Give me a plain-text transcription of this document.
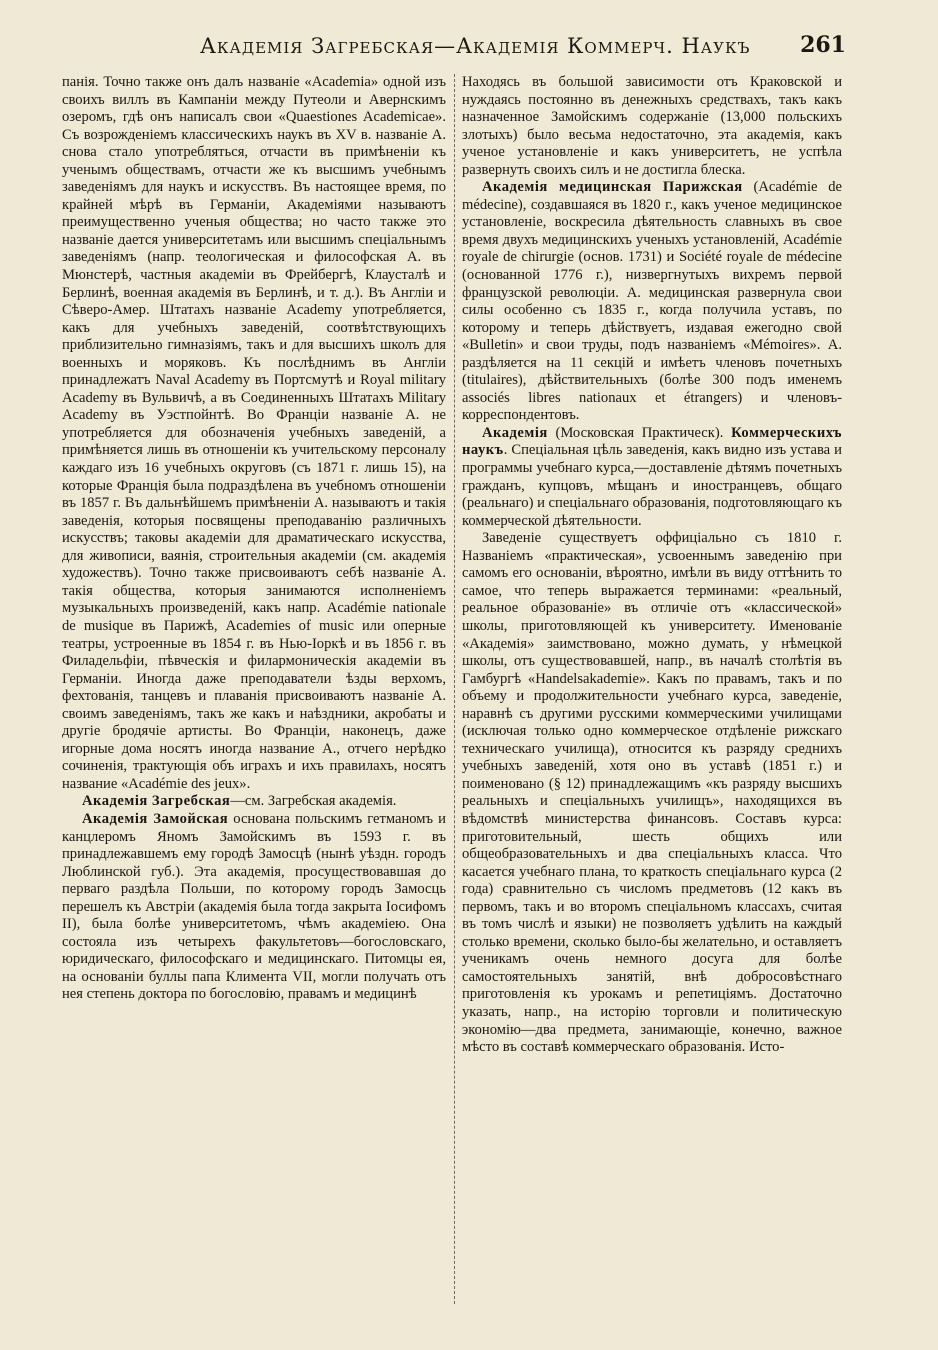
Академія Загребская—Академія Коммерч. Наукъ 261

панія. Точно также онъ далъ названіе «Academia» одной изъ своихъ виллъ въ Кампаніи между Путеоли и Авернскимъ озеромъ, гдѣ онъ написалъ свои «Quaestiones Academicae». Съ возрожденіемъ классическихъ наукъ въ XV в. названіе А. снова стало употребляться, отчасти въ примѣненіи къ ученымъ обществамъ, отчасти же къ высшимъ учебнымъ заведеніямъ для наукъ и искусствъ. Въ настоящее время, по крайней мѣрѣ въ Германіи, Академіями называютъ преимущественно ученыя общества; но часто также это названіе дается университетамъ или высшимъ спеціальнымъ заведеніямъ (напр. теологическая и философская А. въ Мюнстерѣ, частныя академіи въ Фрейбергѣ, Клаусталѣ и Берлинѣ, военная академія въ Берлинѣ, и т. д.). Въ Англіи и Сѣверо-Амер. Штатахъ названіе Academy употребляется, какъ для учебныхъ заведеній, соотвѣтствующихъ приблизительно гимназіямъ, такъ и для высшихъ школъ для военныхъ и моряковъ. Къ послѣднимъ въ Англіи принадлежатъ Naval Academy въ Портсмутѣ и Royal military Academy въ Вульвичѣ, а въ Соединенныхъ Штатахъ Military Academy въ Уэстпойнтѣ. Во Франціи названіе А. не употребляется для обозначенія учебныхъ заведеній, а примѣняется лишь въ отношеніи къ учительскому персоналу каждаго изъ 16 учебныхъ округовъ (съ 1871 г. лишь 15), на которые Франція была подраздѣлена въ учебномъ отношеніи въ 1857 г. Въ дальнѣйшемъ примѣненіи А. называютъ и такія заведенія, которыя посвящены преподаванію различныхъ искусствъ; таковы академіи для драматическаго искусства, для живописи, ваянія, строительныя академіи (см. академія художествъ). Точно также присвоиваютъ себѣ названіе А. такія общества, которыя занимаются исполненіемъ музыкальныхъ произведеній, какъ напр. Académie nationale de musique въ Парижѣ, Academies of music или оперные театры, устроенные въ 1854 г. въ Нью-Іоркѣ и въ 1856 г. въ Филадельфіи, пѣвческія и филармоническія академіи въ Германіи. Иногда даже преподаватели ѣзды верхомъ, фехтованія, танцевъ и плаванія присвоиваютъ названіе А. своимъ заведеніямъ, такъ же какъ и наѣздники, акробаты и другіе бродячіе артисты. Во Франціи, наконецъ, даже игорные дома носятъ иногда название А., отчего нерѣдко сочиненія, трактующія объ играхъ и ихъ правилахъ, носятъ название «Académie des jeux».

Академія Загребская—см. Загребская академія.

Академія Замойская основана польскимъ гетманомъ и канцлеромъ Яномъ Замойскимъ въ 1593 г. въ принадлежавшемъ ему городѣ Замосцѣ (нынѣ уѣздн. городъ Люблинской губ.). Эта академія, просуществовавшая до перваго раздѣла Польши, по которому городъ Замосць перешелъ къ Австріи (академія была тогда закрыта Іосифомъ II), была болѣе университетомъ, чѣмъ академіею. Она состояла изъ четырехъ факультетовъ—богословскаго, юридическаго, философскаго и медицинскаго. Питомцы ея, на основаніи буллы папа Климента VII, могли получать отъ нея степень доктора по богословію, правамъ и медицинѣ

Находясь въ большой зависимости отъ Краковской и нуждаясь постоянно въ денежныхъ средствахъ, такъ какъ назначенное Замойскимъ содержаніе (13,000 польскихъ злотыхъ) было весьма недостаточно, эта академія, какъ ученое установленіе и какъ университетъ, не успѣла развернуть своихъ силъ и не достигла блеска.

Академія медицинская Парижская (Académie de médecine), создавшаяся въ 1820 г., какъ ученое медицинское установленіе, воскресила дѣятельность славныхъ въ свое время двухъ медицинскихъ ученыхъ установленій, Académie royale de chirurgie (основ. 1731) и Société royale de médecine (основанной 1776 г.), низвергнутыхъ вихремъ первой французской революціи. А. медицинская развернула свои силы особенно съ 1835 г., когда получила уставъ, по которому и теперь дѣйствуетъ, издавая ежегодно свой «Bulletin» и свои труды, подъ названіемъ «Mémoires». А. раздѣляется на 11 секцій и имѣетъ членовъ почетныхъ (titulaires), дѣйствительныхъ (болѣе 300 подъ именемъ associés libres nationaux et étrangers) и членовъ-корреспондентовъ.

Академія (Московская Практическ). Коммерческихъ наукъ. Спеціальная цѣль заведенія, какъ видно изъ устава и программы учебнаго курса,—доставленіе дѣтямъ почетныхъ гражданъ, купцовъ, мѣщанъ и иностранцевъ, общаго (реальнаго) и спеціальнаго образованія, подготовляющаго къ коммерческой дѣятельности.

Заведеніе существуетъ оффиціально съ 1810 г. Названіемъ «практическая», усвоеннымъ заведенію при самомъ его основаніи, вѣроятно, имѣли въ виду оттѣнить то самое, что теперь выражается терминами: «реальный, реальное образованіе» въ отличіе отъ «классической» школы, приготовляющей къ университету. Именованіе «Академія» заимствовано, можно думать, у нѣмецкой школы, отъ существовавшей, напр., въ началѣ столѣтія въ Гамбургѣ «Handelsakademie». Какъ по правамъ, такъ и по объему и продолжительности учебнаго курса, заведеніе, наравнѣ съ другими русскими коммерческими училищами (исключая только одно коммерческое отдѣленіе рижскаго техническаго училища), относится къ разряду среднихъ учебныхъ заведеній, хотя оно въ уставѣ (1851 г.) и поименовано (§ 12) принадлежащимъ «къ разряду высшихъ реальныхъ и спеціальныхъ училищъ», находящихся въ вѣдомствѣ министерства финансовъ. Составъ курса: приготовительный, шесть общихъ или общеобразовательныхъ и два спеціальныхъ класса. Что касается учебнаго плана, то краткость спеціальнаго курса (2 года) сравнительно съ числомъ предметовъ (12 какъ въ первомъ, такъ и во второмъ спеціальномъ классахъ, считая въ томъ числѣ и языки) не позволяетъ удѣлить на каждый столько времени, сколько было-бы желательно, и оставляетъ ученикамъ очень немного досуга для болѣе самостоятельныхъ занятій, внѣ добросовѣстнаго приготовленія къ урокамъ и репетиціямъ. Достаточно указать, напр., на исторію торговли и политическую экономію—два предмета, занимающіе, конечно, важное мѣсто въ составѣ коммерческаго образованія. Исто-
